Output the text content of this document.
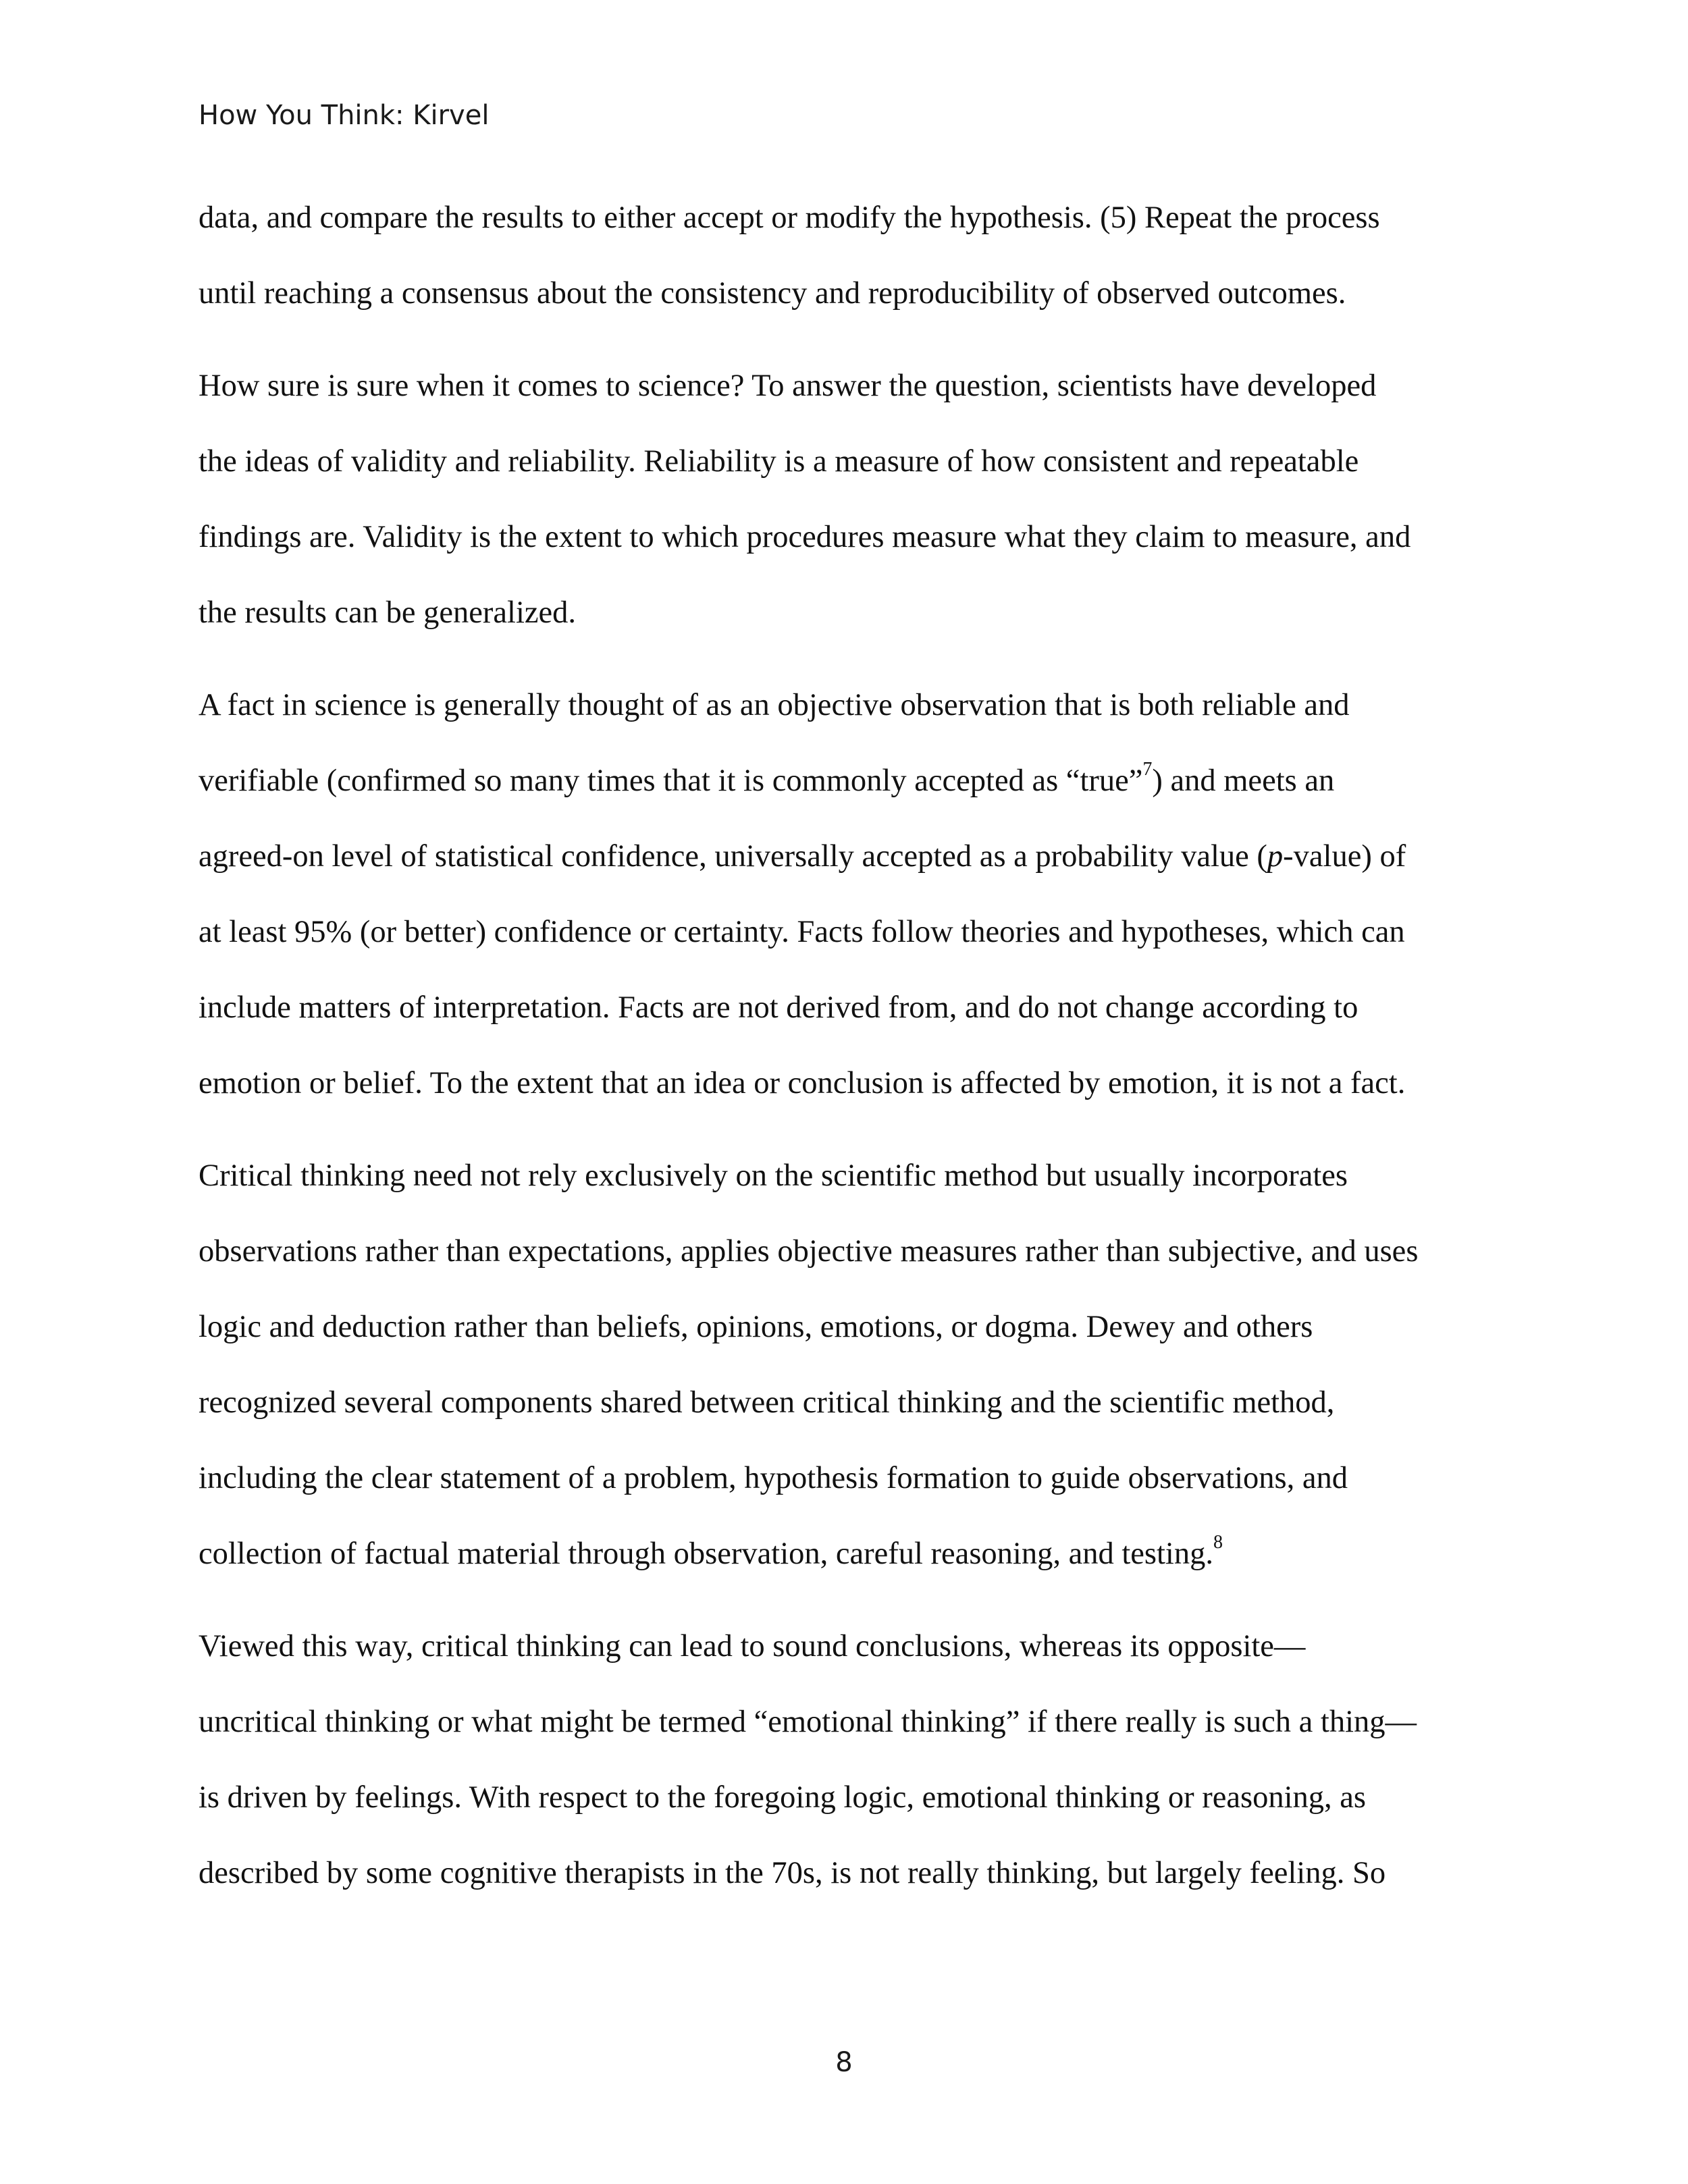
How You Think: Kirvel
data, and compare the results to either accept or modify the hypothesis. (5) Repeat the process
until reaching a consensus about the consistency and reproducibility of observed outcomes.
How sure is sure when it comes to science? To answer the question, scientists have developed
the ideas of validity and reliability. Reliability is a measure of how consistent and repeatable
findings are. Validity is the extent to which procedures measure what they claim to measure, and
the results can be generalized.
A fact in science is generally thought of as an objective observation that is both reliable and
verifiable (confirmed so many times that it is commonly accepted as “true”$^7$) and meets an
agreed-on level of statistical confidence, universally accepted as a probability value (p-value) of
at least 95% (or better) confidence or certainty. Facts follow theories and hypotheses, which can
include matters of interpretation. Facts are not derived from, and do not change according to
emotion or belief. To the extent that an idea or conclusion is affected by emotion, it is not a fact.
Critical thinking need not rely exclusively on the scientific method but usually incorporates
observations rather than expectations, applies objective measures rather than subjective, and uses
logic and deduction rather than beliefs, opinions, emotions, or dogma. Dewey and others
recognized several components shared between critical thinking and the scientific method,
including the clear statement of a problem, hypothesis formation to guide observations, and
collection of factual material through observation, careful reasoning, and testing.$^8$
Viewed this way, critical thinking can lead to sound conclusions, whereas its opposite—
uncritical thinking or what might be termed “emotional thinking” if there really is such a thing—
is driven by feelings. With respect to the foregoing logic, emotional thinking or reasoning, as
described by some cognitive therapists in the 70s, is not really thinking, but largely feeling. So
8
